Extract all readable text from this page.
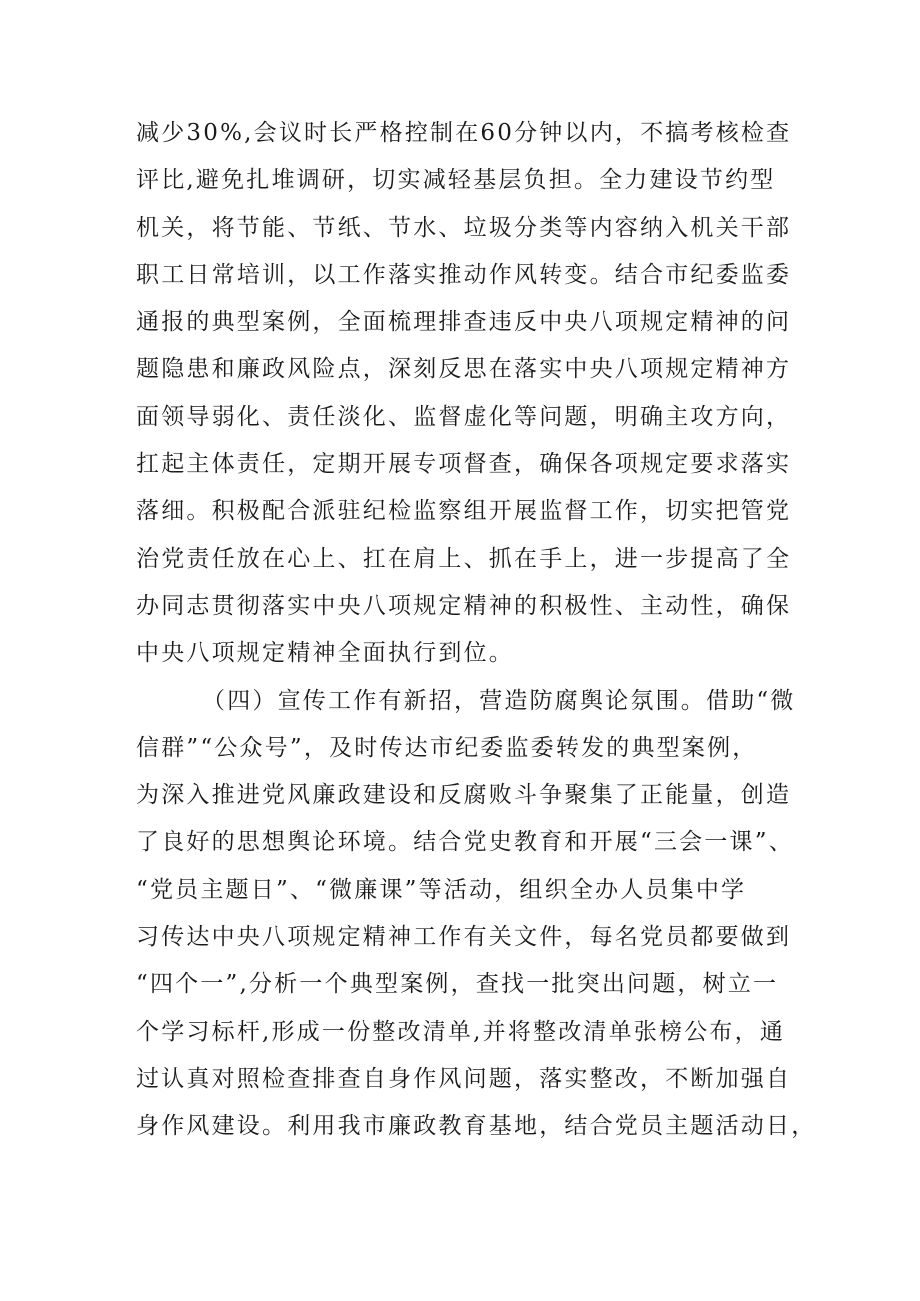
减少30%,会议时长严格控制在60分钟以内，不搞考核检查
评比,避免扎堆调研，切实减轻基层负担。全力建设节约型
机关，将节能、节纸、节水、垃圾分类等内容纳入机关干部
职工日常培训，以工作落实推动作风转变。结合市纪委监委
通报的典型案例，全面梳理排查违反中央八项规定精神的问
题隐患和廉政风险点，深刻反思在落实中央八项规定精神方
面领导弱化、责任淡化、监督虚化等问题，明确主攻方向，
扛起主体责任，定期开展专项督查，确保各项规定要求落实
落细。积极配合派驻纪检监察组开展监督工作，切实把管党
治党责任放在心上、扛在肩上、抓在手上，进一步提高了全
办同志贯彻落实中央八项规定精神的积极性、主动性，确保
中央八项规定精神全面执行到位。
（四）宣传工作有新招，营造防腐舆论氛围。借助“微
信群”“公众号”，及时传达市纪委监委转发的典型案例，
为深入推进党风廉政建设和反腐败斗争聚集了正能量，创造
了良好的思想舆论环境。结合党史教育和开展“三会一课”、
“党员主题日”、“微廉课”等活动，组织全办人员集中学
习传达中央八项规定精神工作有关文件，每名党员都要做到
“四个一”,分析一个典型案例，查找一批突出问题，树立一
个学习标杆,形成一份整改清单,并将整改清单张榜公布，通
过认真对照检查排查自身作风问题，落实整改，不断加强自
身作风建设。利用我市廉政教育基地，结合党员主题活动日，
